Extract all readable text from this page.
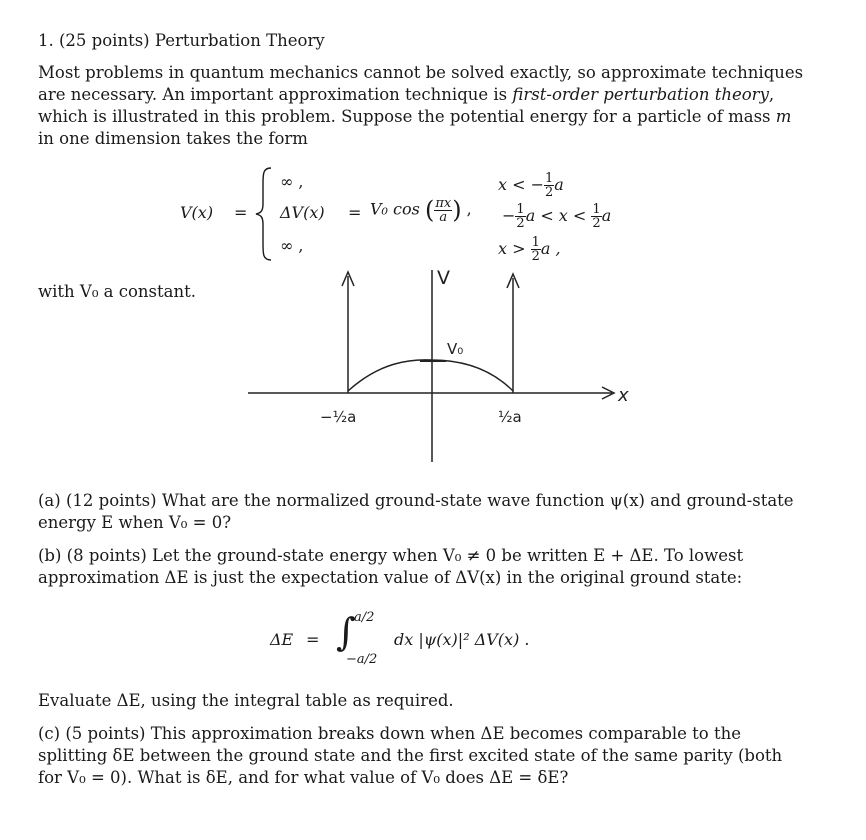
1. (25 points) Perturbation Theory
Most problems in quantum mechanics cannot be solved exactly, so approximate techniques
are necessary. An important approximation technique is first-order perturbation theory,
which is illustrated in this problem. Suppose the potential energy for a particle of mass m
in one dimension takes the form
V(x) =
∞ ,	x < − $\frac{1}{2}$ a
ΔV(x) = V₀ cos ( $\frac{\pi x}{a}$ ) , − $\frac{1}{2}$ $a < x < \frac{1}{2}$ a
∞ ,	$x > \frac{1}{2}$ a ,
with V₀ a constant.
x
V
V₀
−½a	½a
(a) (12 points) What are the normalized ground-state wave function ψ(x) and ground-state
energy E when V₀ = 0?
(b) (8 points) Let the ground-state energy when V₀ ≠ 0 be written E + ΔE. To lowest
approximation ΔE is just the expectation value of ΔV(x) in the original ground state:
ΔE = ∫
a/2
−a/2
dx |ψ(x)|² ΔV(x) .
Evaluate ΔE, using the integral table as required.
(c) (5 points) This approximation breaks down when ΔE becomes comparable to the
splitting δE between the ground state and the first excited state of the same parity (both
for V₀ = 0). What is δE, and for what value of V₀ does ΔE = δE?
